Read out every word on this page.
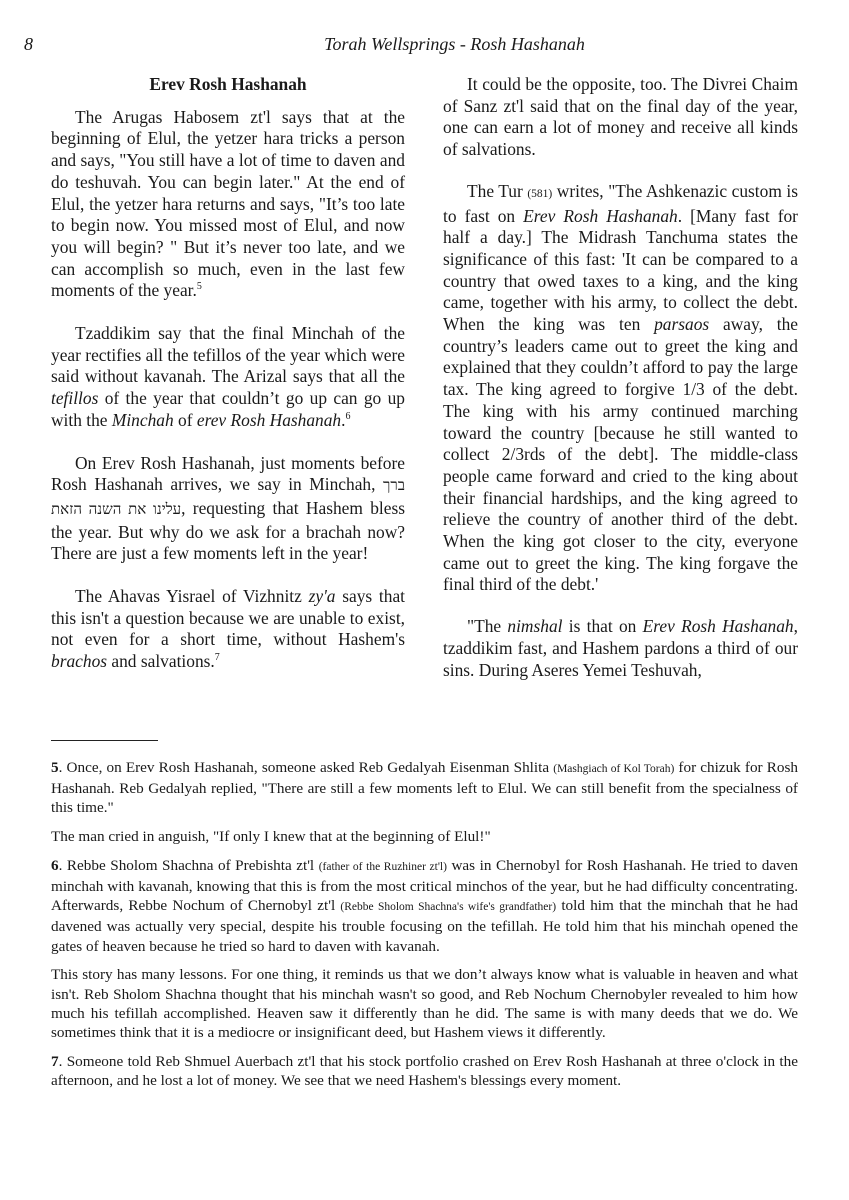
8	Torah Wellsprings - Rosh Hashanah
Erev Rosh Hashanah

The Arugas Habosem zt'l says that at the beginning of Elul, the yetzer hara tricks a person and says, "You still have a lot of time to daven and do teshuvah. You can begin later." At the end of Elul, the yetzer hara returns and says, "It’s too late to begin now. You missed most of Elul, and now you will begin? " But it’s never too late, and we can accomplish so much, even in the last few moments of the year.$^5$

Tzaddikim say that the final Minchah of the year rectifies all the tefillos of the year which were said without kavanah. The Arizal says that all the tefillos of the year that couldn’t go up can go up with the Minchah of erev Rosh Hashanah.$^6$

On Erev Rosh Hashanah, just moments before Rosh Hashanah arrives, we say in Minchah, ברך עלינו את השנה הזאת, requesting that Hashem bless the year. But why do we ask for a brachah now? There are just a few moments left in the year!

The Ahavas Yisrael of Vizhnitz zy'a says that this isn't a question because we are unable to exist, not even for a short time, without Hashem's brachos and salvations.$^7$

It could be the opposite, too. The Divrei Chaim of Sanz zt'l said that on the final day of the year, one can earn a lot of money and receive all kinds of salvations.

The Tur (581) writes, "The Ashkenazic custom is to fast on Erev Rosh Hashanah. [Many fast for half a day.] The Midrash Tanchuma states the significance of this fast: 'It can be compared to a country that owed taxes to a king, and the king came, together with his army, to collect the debt. When the king was ten parsaos away, the country’s leaders came out to greet the king and explained that they couldn’t afford to pay the large tax. The king agreed to forgive 1/3 of the debt. The king with his army continued marching toward the country [because he still wanted to collect 2/3rds of the debt]. The middle-class people came forward and cried to the king about their financial hardships, and the king agreed to relieve the country of another third of the debt. When the king got closer to the city, everyone came out to greet the king. The king forgave the final third of the debt.'

"The nimshal is that on Erev Rosh Hashanah, tzaddikim fast, and Hashem pardons a third of our sins. During Aseres Yemei Teshuvah,

5. Once, on Erev Rosh Hashanah, someone asked Reb Gedalyah Eisenman Shlita (Mashgiach of Kol Torah) for chizuk for Rosh Hashanah. Reb Gedalyah replied, "There are still a few moments left to Elul. We can still benefit from the specialness of this time."

The man cried in anguish, "If only I knew that at the beginning of Elul!"

6. Rebbe Sholom Shachna of Prebishta zt'l (father of the Ruzhiner zt'l) was in Chernobyl for Rosh Hashanah. He tried to daven minchah with kavanah, knowing that this is from the most critical minchos of the year, but he had difficulty concentrating. Afterwards, Rebbe Nochum of Chernobyl zt'l (Rebbe Sholom Shachna's wife's grandfather) told him that the minchah that he had davened was actually very special, despite his trouble focusing on the tefillah. He told him that his minchah opened the gates of heaven because he tried so hard to daven with kavanah.

This story has many lessons. For one thing, it reminds us that we don’t always know what is valuable in heaven and what isn't. Reb Sholom Shachna thought that his minchah wasn't so good, and Reb Nochum Chernobyler revealed to him how much his tefillah accomplished. Heaven saw it differently than he did. The same is with many deeds that we do. We sometimes think that it is a mediocre or insignificant deed, but Hashem views it differently.

7. Someone told Reb Shmuel Auerbach zt'l that his stock portfolio crashed on Erev Rosh Hashanah at three o'clock in the afternoon, and he lost a lot of money. We see that we need Hashem's blessings every moment.
